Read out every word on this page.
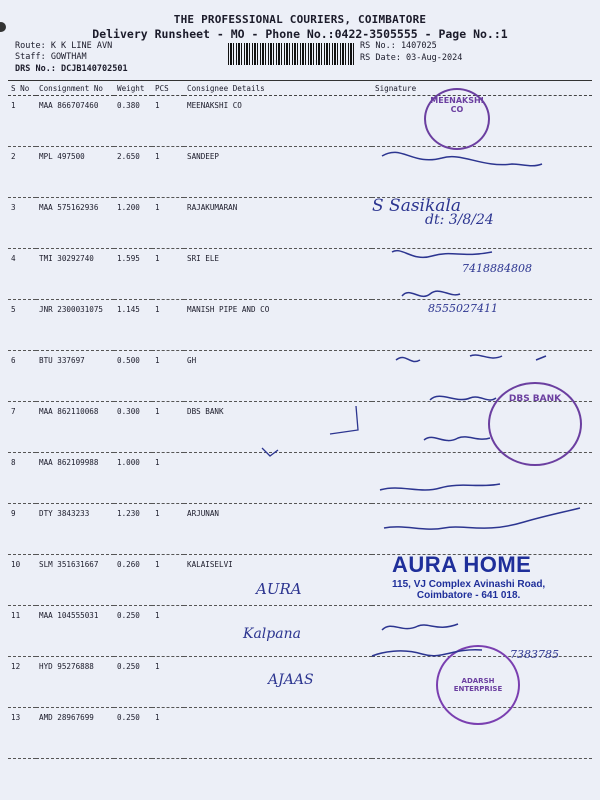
THE PROFESSIONAL COURIERS, COIMBATORE
Delivery Runsheet - MO - Phone No.:0422-3505555 - Page No.:1
Route: K K LINE AVN
Staff: GOWTHAM
DRS No.: DCJB140702501
RS No.: 1407025
RS Date: 03-Aug-2024
S No	Consignment No	Weight	PCS	Consignee Details	Signature
1	MAA 866707460	0.380	1	MEENAKSHI CO	
2	MPL 497500	2.650	1	SANDEEP	
3	MAA 575162936	1.200	1	RAJAKUMARAN	
4	TMI 30292740	1.595	1	SRI ELE	
5	JNR 2300031075	1.145	1	MANISH PIPE AND CO	
6	BTU 337697	0.500	1	GH	
7	MAA 862110068	0.300	1	DBS BANK	
8	MAA 862109988	1.000	1		
9	DTY 3843233	1.230	1	ARJUNAN	
10	SLM 351631667	0.260	1	KALAISELVI	
11	MAA 104555031	0.250	1		
12	HYD 95276888	0.250	1		
13	AMD 28967699	0.250	1		
MEENAKSHI CO
DBS BANK
ADARSH ENTERPRISE
AURA HOME
115, VJ Complex Avinashi Road,
Coimbatore - 641 018.
S Sasikala
dt: 3/8/24
7418884808
8555027411
AURA
Kalpana
AJAAS
7383785
